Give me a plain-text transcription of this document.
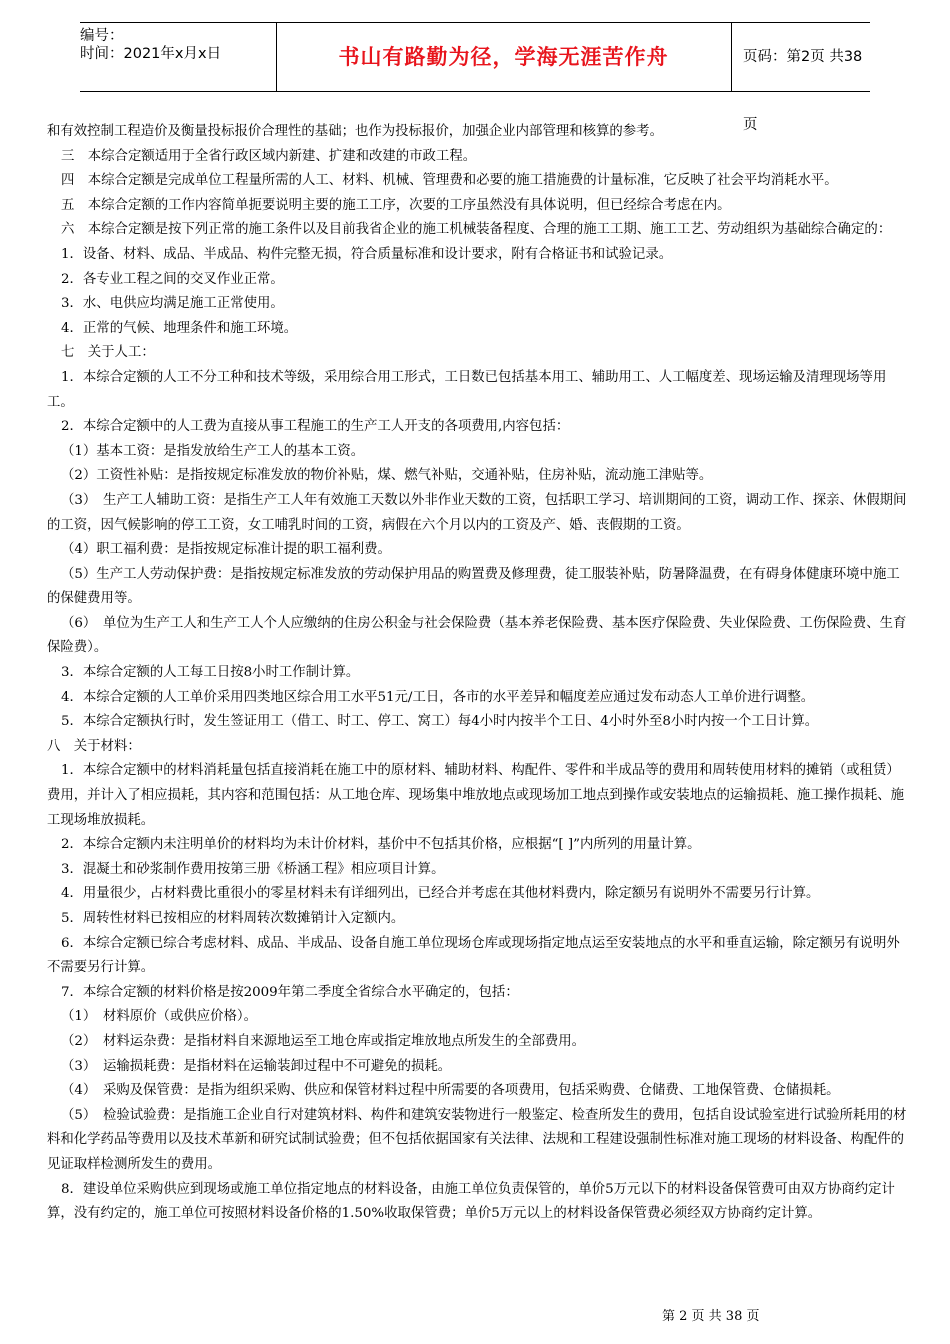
编号：
时间：2021年x月x日	书山有路勤为径，学海无涯苦作舟	页码：第2页 共38页

和有效控制工程造价及衡量投标报价合理性的基础；也作为投标报价，加强企业内部管理和核算的参考。

三　本综合定额适用于全省行政区域内新建、扩建和改建的市政工程。

四　本综合定额是完成单位工程量所需的人工、材料、机械、管理费和必要的施工措施费的计量标准，它反映了社会平均消耗水平。

五　本综合定额的工作内容简单扼要说明主要的施工工序，次要的工序虽然没有具体说明，但已经综合考虑在内。

六　本综合定额是按下列正常的施工条件以及目前我省企业的施工机械装备程度、合理的施工工期、施工工艺、劳动组织为基础综合确定的：

1．设备、材料、成品、半成品、构件完整无损，符合质量标准和设计要求，附有合格证书和试验记录。

2．各专业工程之间的交叉作业正常。

3．水、电供应均满足施工正常使用。

4．正常的气候、地理条件和施工环境。

七　关于人工：

1．本综合定额的人工不分工种和技术等级，采用综合用工形式，工日数已包括基本用工、辅助用工、人工幅度差、现场运输及清理现场等用工。

2．本综合定额中的人工费为直接从事工程施工的生产工人开支的各项费用,内容包括：

（1）基本工资：是指发放给生产工人的基本工资。

（2）工资性补贴：是指按规定标准发放的物价补贴，煤、燃气补贴，交通补贴，住房补贴，流动施工津贴等。

（3）　生产工人辅助工资：是指生产工人年有效施工天数以外非作业天数的工资，包括职工学习、培训期间的工资，调动工作、探亲、休假期间的工资，因气候影响的停工工资，女工哺乳时间的工资，病假在六个月以内的工资及产、婚、丧假期的工资。

（4）职工福利费：是指按规定标准计提的职工福利费。

（5）生产工人劳动保护费：是指按规定标准发放的劳动保护用品的购置费及修理费，徒工服装补贴，防暑降温费，在有碍身体健康环境中施工的保健费用等。

（6）　单位为生产工人和生产工人个人应缴纳的住房公积金与社会保险费（基本养老保险费、基本医疗保险费、失业保险费、工伤保险费、生育保险费）。

3．本综合定额的人工每工日按8小时工作制计算。

4．本综合定额的人工单价采用四类地区综合用工水平51元/工日，各市的水平差异和幅度差应通过发布动态人工单价进行调整。

5．本综合定额执行时，发生签证用工（借工、时工、停工、窝工）每4小时内按半个工日、4小时外至8小时内按一个工日计算。

八　关于材料：

1．本综合定额中的材料消耗量包括直接消耗在施工中的原材料、辅助材料、构配件、零件和半成品等的费用和周转使用材料的摊销（或租赁）费用，并计入了相应损耗，其内容和范围包括：从工地仓库、现场集中堆放地点或现场加工地点到操作或安装地点的运输损耗、施工操作损耗、施工现场堆放损耗。

2．本综合定额内未注明单价的材料均为未计价材料，基价中不包括其价格，应根据“[ ]”内所列的用量计算。

3．混凝土和砂浆制作费用按第三册《桥涵工程》相应项目计算。

4．用量很少，占材料费比重很小的零星材料未有详细列出，已经合并考虑在其他材料费内，除定额另有说明外不需要另行计算。

5．周转性材料已按相应的材料周转次数摊销计入定额内。

6．本综合定额已综合考虑材料、成品、半成品、设备自施工单位现场仓库或现场指定地点运至安装地点的水平和垂直运输，除定额另有说明外不需要另行计算。

7．本综合定额的材料价格是按2009年第二季度全省综合水平确定的，包括：

（1）　材料原价（或供应价格）。

（2）　材料运杂费：是指材料自来源地运至工地仓库或指定堆放地点所发生的全部费用。

（3）　运输损耗费：是指材料在运输装卸过程中不可避免的损耗。

（4）　采购及保管费：是指为组织采购、供应和保管材料过程中所需要的各项费用，包括采购费、仓储费、工地保管费、仓储损耗。

（5）　检验试验费：是指施工企业自行对建筑材料、构件和建筑安装物进行一般鉴定、检查所发生的费用，包括自设试验室进行试验所耗用的材料和化学药品等费用以及技术革新和研究试制试验费；但不包括依据国家有关法律、法规和工程建设强制性标准对施工现场的材料设备、构配件的见证取样检测所发生的费用。

8．建设单位采购供应到现场或施工单位指定地点的材料设备，由施工单位负责保管的，单价5万元以下的材料设备保管费可由双方协商约定计算，没有约定的，施工单位可按照材料设备价格的1.50%收取保管费；单价5万元以上的材料设备保管费必须经双方协商约定计算。

第 2 页 共 38 页
